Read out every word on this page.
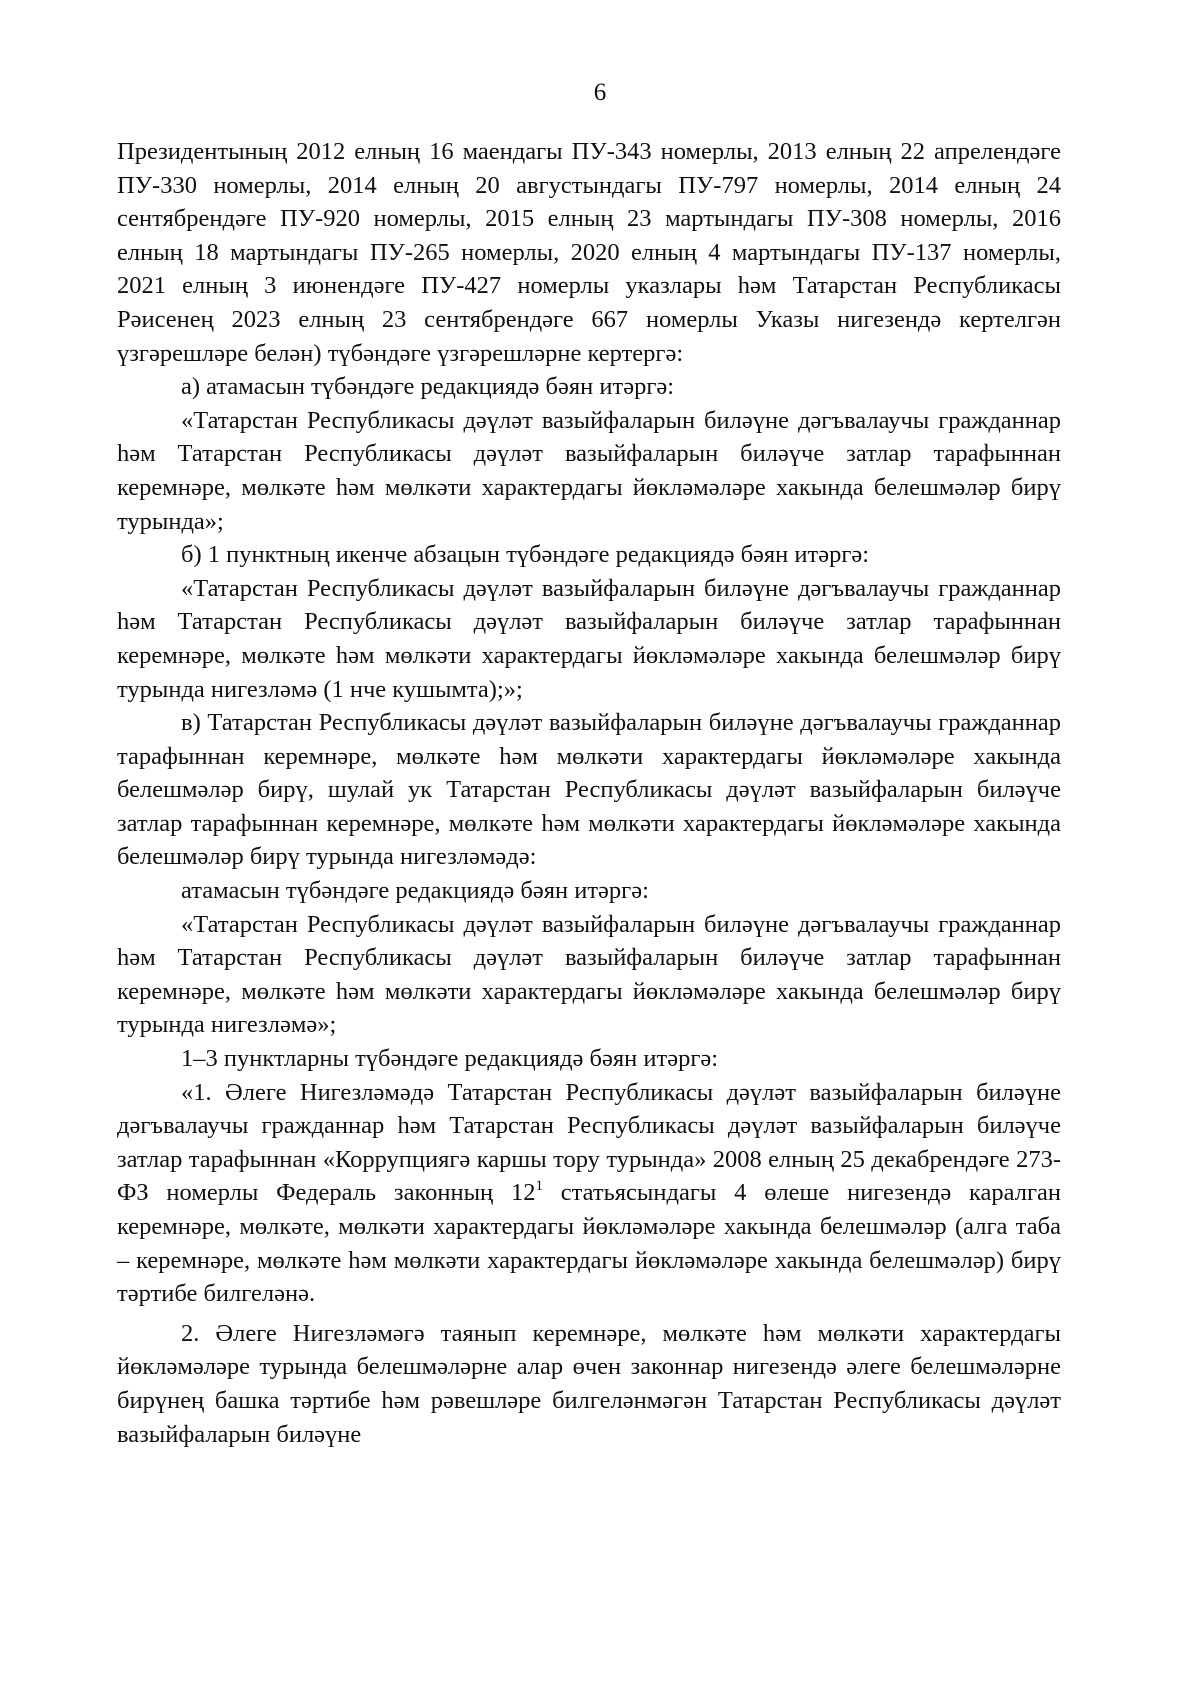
6

Президентының 2012 елның 16 маендагы ПУ-343 номерлы, 2013 елның 22 апрелендәге ПУ-330 номерлы, 2014 елның 20 августындагы ПУ-797 номерлы, 2014 елның 24 сентябрендәге ПУ-920 номерлы, 2015 елның 23 мартындагы ПУ-308 номерлы, 2016 елның 18 мартындагы ПУ-265 номерлы, 2020 елның 4 мартындагы ПУ-137 номерлы, 2021 елның 3 июнендәге ПУ-427 номерлы указлары һәм Татарстан Республикасы Рәисенең 2023 елның 23 сентябрендәге 667 номерлы Указы нигезендә кертелгән үзгәрешләре белән) түбәндәге үзгәрешләрне кертергә:

а) атамасын түбәндәге редакциядә бәян итәргә:

«Татарстан Республикасы дәүләт вазыйфаларын биләүне дәгъвалаучы гражданнар һәм Татарстан Республикасы дәүләт вазыйфаларын биләүче затлар тарафыннан керемнәре, мөлкәте һәм мөлкәти характердагы йөкләмәләре хакында белешмәләр бирү турында»;

б) 1 пунктның икенче абзацын түбәндәге редакциядә бәян итәргә:

«Татарстан Республикасы дәүләт вазыйфаларын биләүне дәгъвалаучы гражданнар һәм Татарстан Республикасы дәүләт вазыйфаларын биләүче затлар тарафыннан керемнәре, мөлкәте һәм мөлкәти характердагы йөкләмәләре хакында белешмәләр бирү турында нигезләмә (1 нче кушымта);»;

в) Татарстан Республикасы дәүләт вазыйфаларын биләүне дәгъвалаучы гражданнар тарафыннан керемнәре, мөлкәте һәм мөлкәти характердагы йөкләмәләре хакында белешмәләр бирү, шулай ук Татарстан Республикасы дәүләт вазыйфаларын биләүче затлар тарафыннан керемнәре, мөлкәте һәм мөлкәти характердагы йөкләмәләре хакында белешмәләр бирү турында нигезләмәдә:

атамасын түбәндәге редакциядә бәян итәргә:

«Татарстан Республикасы дәүләт вазыйфаларын биләүне дәгъвалаучы гражданнар һәм Татарстан Республикасы дәүләт вазыйфаларын биләүче затлар тарафыннан керемнәре, мөлкәте һәм мөлкәти характердагы йөкләмәләре хакында белешмәләр бирү турында нигезләмә»;

1–3 пунктларны түбәндәге редакциядә бәян итәргә:

«1. Әлеге Нигезләмәдә Татарстан Республикасы дәүләт вазыйфаларын биләүне дәгъвалаучы гражданнар һәм Татарстан Республикасы дәүләт вазыйфаларын биләүче затлар тарафыннан «Коррупциягә каршы тору турында» 2008 елның 25 декабрендәге 273-ФЗ номерлы Федераль законның $12^1$ статьясындагы 4 өлеше нигезендә каралган керемнәре, мөлкәте, мөлкәти характердагы йөкләмәләре хакында белешмәләр (алга таба – керемнәре, мөлкәте һәм мөлкәти характердагы йөкләмәләре хакында белешмәләр) бирү тәртибе билгеләнә.

2. Әлеге Нигезләмәгә таянып керемнәре, мөлкәте һәм мөлкәти характердагы йөкләмәләре турында белешмәләрне алар өчен законнар нигезендә әлеге белешмәләрне бирүнең башка тәртибе һәм рәвешләре билгеләнмәгән Татарстан Республикасы дәүләт вазыйфаларын биләүне
